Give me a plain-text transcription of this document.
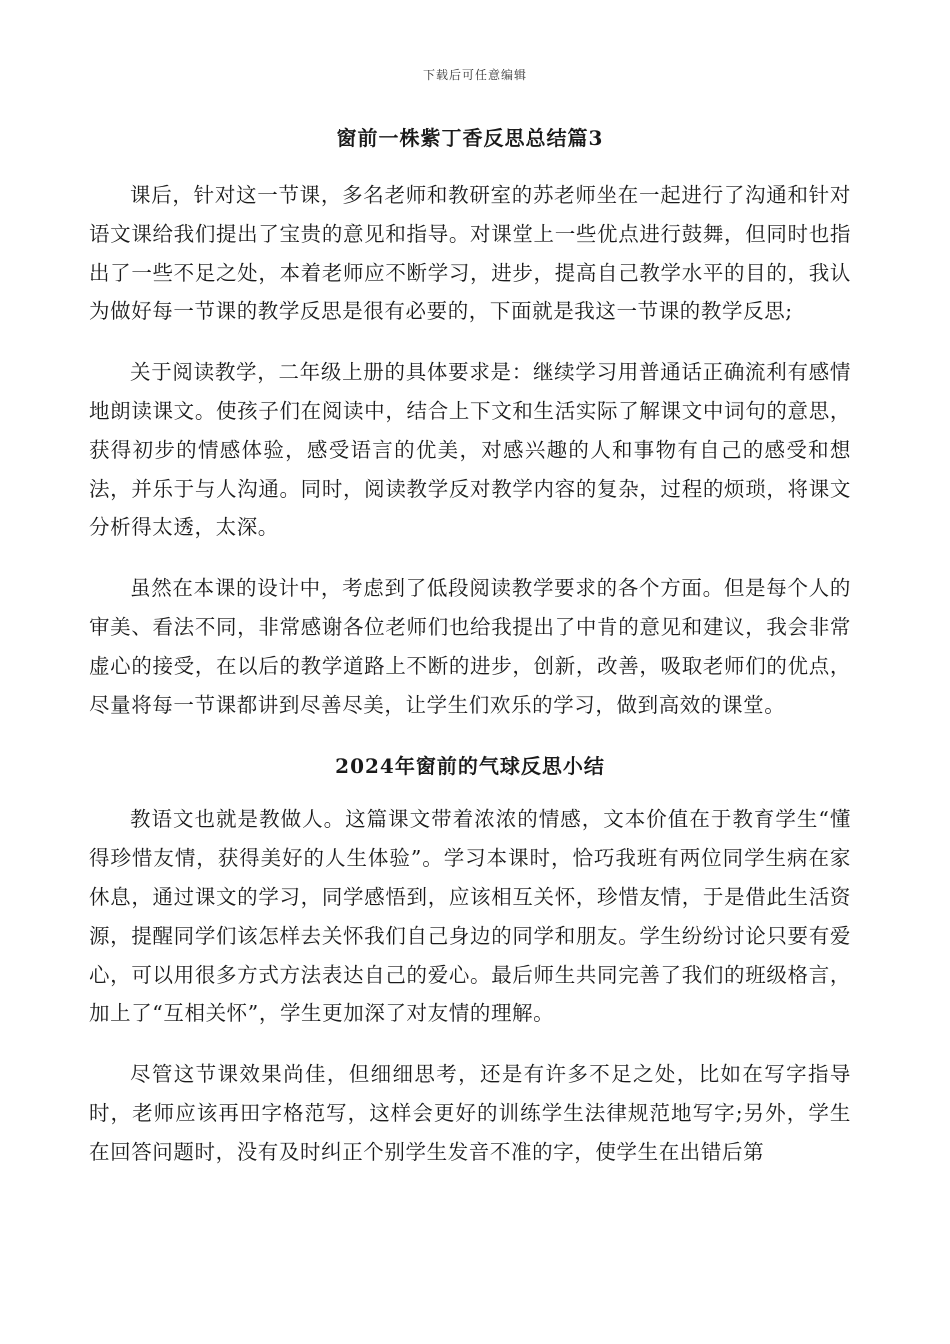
下载后可任意编辑
窗前一株紫丁香反思总结篇3

课后，针对这一节课，多名老师和教研室的苏老师坐在一起进行了沟通和针对语文课给我们提出了宝贵的意见和指导。对课堂上一些优点进行鼓舞，但同时也指出了一些不足之处，本着老师应不断学习，进步，提高自己教学水平的目的，我认为做好每一节课的教学反思是很有必要的，下面就是我这一节课的教学反思;

关于阅读教学，二年级上册的具体要求是：继续学习用普通话正确流利有感情地朗读课文。使孩子们在阅读中，结合上下文和生活实际了解课文中词句的意思，获得初步的情感体验，感受语言的优美，对感兴趣的人和事物有自己的感受和想法，并乐于与人沟通。同时，阅读教学反对教学内容的复杂，过程的烦琐，将课文分析得太透，太深。

虽然在本课的设计中，考虑到了低段阅读教学要求的各个方面。但是每个人的审美、看法不同，非常感谢各位老师们也给我提出了中肯的意见和建议，我会非常虚心的接受，在以后的教学道路上不断的进步，创新，改善，吸取老师们的优点，尽量将每一节课都讲到尽善尽美，让学生们欢乐的学习，做到高效的课堂。

2024年窗前的气球反思小结

教语文也就是教做人。这篇课文带着浓浓的情感，文本价值在于教育学生“懂得珍惜友情，获得美好的人生体验”。学习本课时，恰巧我班有两位同学生病在家休息，通过课文的学习，同学感悟到，应该相互关怀，珍惜友情，于是借此生活资源，提醒同学们该怎样去关怀我们自己身边的同学和朋友。学生纷纷讨论只要有爱心，可以用很多方式方法表达自己的爱心。最后师生共同完善了我们的班级格言，加上了“互相关怀”，学生更加深了对友情的理解。

尽管这节课效果尚佳，但细细思考，还是有许多不足之处，比如在写字指导时，老师应该再田字格范写，这样会更好的训练学生法律规范地写字;另外，学生在回答问题时，没有及时纠正个别学生发音不准的字，使学生在出错后第
